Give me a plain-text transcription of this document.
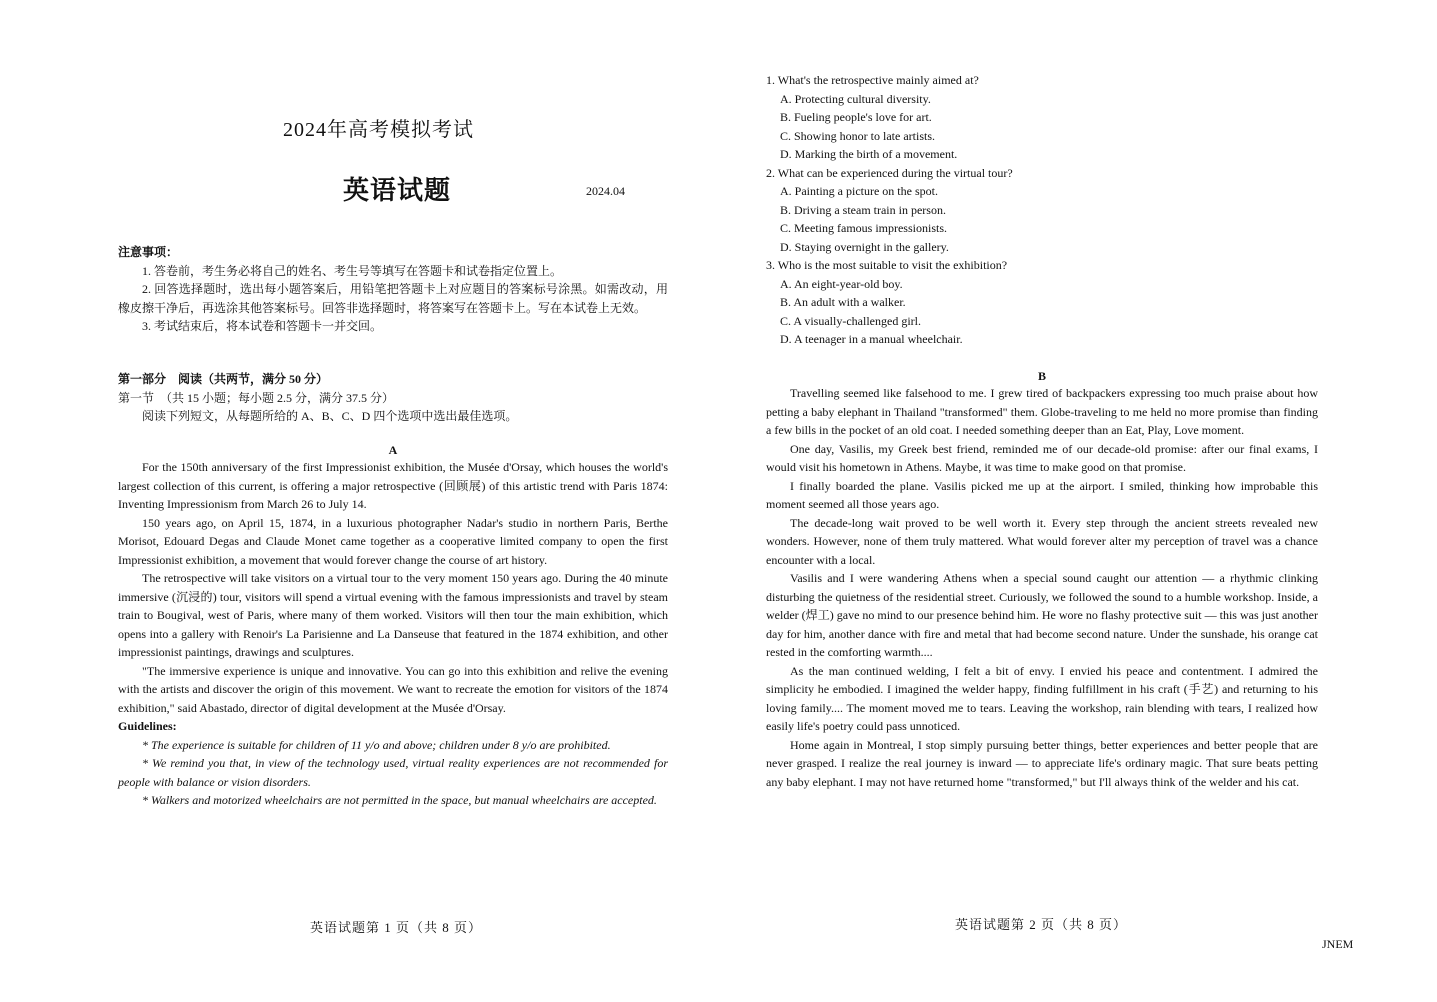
2024年高考模拟考试
英语试题	2024.04

注意事项：

1. 答卷前，考生务必将自己的姓名、考生号等填写在答题卡和试卷指定位置上。

2. 回答选择题时，选出每小题答案后，用铅笔把答题卡上对应题目的答案标号涂黑。如需改动，用橡皮擦干净后，再选涂其他答案标号。回答非选择题时，将答案写在答题卡上。写在本试卷上无效。

3. 考试结束后，将本试卷和答题卡一并交回。

第一部分　阅读（共两节，满分 50 分）

第一节　（共 15 小题；每小题 2.5 分，满分 37.5 分）

阅读下列短文，从每题所给的 A、B、C、D 四个选项中选出最佳选项。

A

For the 150th anniversary of the first Impressionist exhibition, the Musée d'Orsay, which houses the world's largest collection of this current, is offering a major retrospective (回顾展) of this artistic trend with Paris 1874: Inventing Impressionism from March 26 to July 14.

150 years ago, on April 15, 1874, in a luxurious photographer Nadar's studio in northern Paris, Berthe Morisot, Edouard Degas and Claude Monet came together as a cooperative limited company to open the first Impressionist exhibition, a movement that would forever change the course of art history.

The retrospective will take visitors on a virtual tour to the very moment 150 years ago. During the 40 minute immersive (沉浸的) tour, visitors will spend a virtual evening with the famous impressionists and travel by steam train to Bougival, west of Paris, where many of them worked. Visitors will then tour the main exhibition, which opens into a gallery with Renoir's La Parisienne and La Danseuse that featured in the 1874 exhibition, and other impressionist paintings, drawings and sculptures.

"The immersive experience is unique and innovative. You can go into this exhibition and relive the evening with the artists and discover the origin of this movement. We want to recreate the emotion for visitors of the 1874 exhibition," said Abastado, director of digital development at the Musée d'Orsay.

Guidelines:

* The experience is suitable for children of 11 y/o and above; children under 8 y/o are prohibited.

* We remind you that, in view of the technology used, virtual reality experiences are not recommended for people with balance or vision disorders.

* Walkers and motorized wheelchairs are not permitted in the space, but manual wheelchairs are accepted.

1. What's the retrospective mainly aimed at?

A. Protecting cultural diversity.

B. Fueling people's love for art.

C. Showing honor to late artists.

D. Marking the birth of a movement.

2. What can be experienced during the virtual tour?

A. Painting a picture on the spot.

B. Driving a steam train in person.

C. Meeting famous impressionists.

D. Staying overnight in the gallery.

3. Who is the most suitable to visit the exhibition?

A. An eight-year-old boy.

B. An adult with a walker.

C. A visually-challenged girl.

D. A teenager in a manual wheelchair.

B

Travelling seemed like falsehood to me. I grew tired of backpackers expressing too much praise about how petting a baby elephant in Thailand "transformed" them. Globe-traveling to me held no more promise than finding a few bills in the pocket of an old coat. I needed something deeper than an Eat, Play, Love moment.

One day, Vasilis, my Greek best friend, reminded me of our decade-old promise: after our final exams, I would visit his hometown in Athens. Maybe, it was time to make good on that promise.

I finally boarded the plane. Vasilis picked me up at the airport. I smiled, thinking how improbable this moment seemed all those years ago.

The decade-long wait proved to be well worth it. Every step through the ancient streets revealed new wonders. However, none of them truly mattered. What would forever alter my perception of travel was a chance encounter with a local.

Vasilis and I were wandering Athens when a special sound caught our attention — a rhythmic clinking disturbing the quietness of the residential street. Curiously, we followed the sound to a humble workshop. Inside, a welder (焊工) gave no mind to our presence behind him. He wore no flashy protective suit — this was just another day for him, another dance with fire and metal that had become second nature. Under the sunshade, his orange cat rested in the comforting warmth....

As the man continued welding, I felt a bit of envy. I envied his peace and contentment. I admired the simplicity he embodied. I imagined the welder happy, finding fulfillment in his craft (手艺) and returning to his loving family.... The moment moved me to tears. Leaving the workshop, rain blending with tears, I realized how easily life's poetry could pass unnoticed.

Home again in Montreal, I stop simply pursuing better things, better experiences and better people that are never grasped. I realize the real journey is inward — to appreciate life's ordinary magic. That sure beats petting any baby elephant. I may not have returned home "transformed," but I'll always think of the welder and his cat.

英语试题第 1 页（共 8 页）	英语试题第 2 页（共 8 页）
JNEM
